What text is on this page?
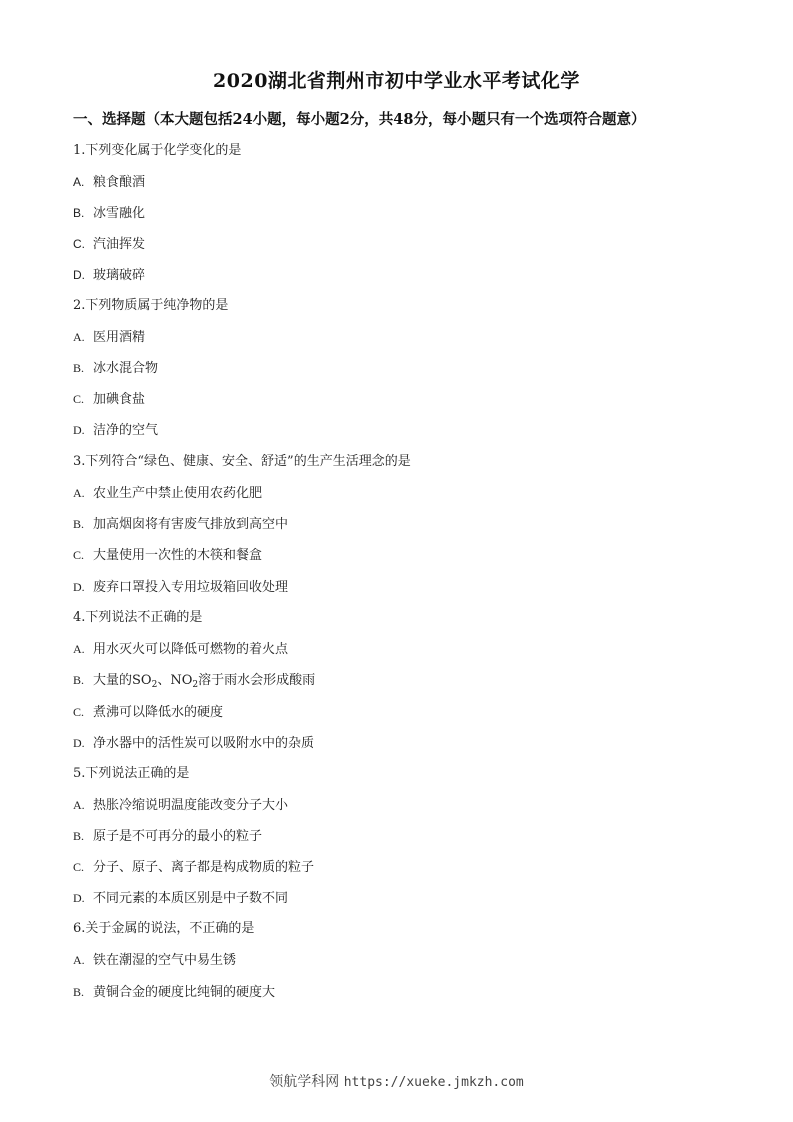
2020湖北省荆州市初中学业水平考试化学
一、选择题（本大题包括24小题，每小题2分，共48分，每小题只有一个选项符合题意）
1.下列变化属于化学变化的是
A. 粮食酿酒
B. 冰雪融化
C. 汽油挥发
D. 玻璃破碎
2.下列物质属于纯净物的是
A. 医用酒精
B. 冰水混合物
C. 加碘食盐
D. 洁净的空气
3.下列符合“绿色、健康、安全、舒适”的生产生活理念的是
A. 农业生产中禁止使用农药化肥
B. 加高烟囱将有害废气排放到高空中
C. 大量使用一次性的木筷和餐盒
D. 废弃口罩投入专用垃圾箱回收处理
4.下列说法不正确的是
A. 用水灭火可以降低可燃物的着火点
B. 大量的$SO_2$、$NO_2$溶于雨水会形成酸雨
C. 煮沸可以降低水的硬度
D. 净水器中的活性炭可以吸附水中的杂质
5.下列说法正确的是
A. 热胀冷缩说明温度能改变分子大小
B. 原子是不可再分的最小的粒子
C. 分子、原子、离子都是构成物质的粒子
D. 不同元素的本质区别是中子数不同
6.关于金属的说法，不正确的是
A. 铁在潮湿的空气中易生锈
B. 黄铜合金的硬度比纯铜的硬度大
领航学科网 https://xueke.jmkzh.com
